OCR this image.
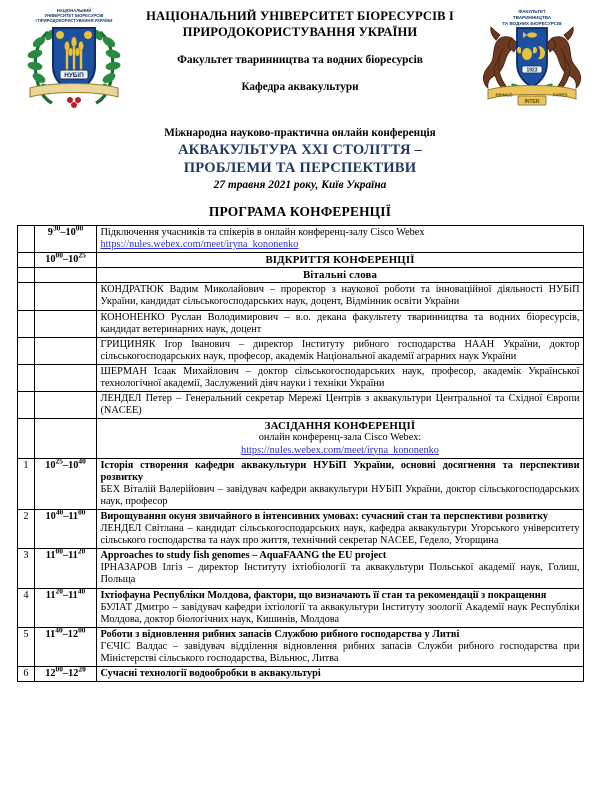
НАЦІОНАЛЬНИЙ
УНІВЕРСИТЕТ БІОРЕСУРСІВ
І ПРИРОДОКОРИСТУВАННЯ УКРАЇНИ
НУБіП
НАЦІОНАЛЬНИЙ УНІВЕРСИТЕТ БІОРЕСУРСІВ І ПРИРОДОКОРИСТУВАННЯ УКРАЇНИ
Факультет тваринництва та водних біоресурсів
Кафедра аквакультури
ФАКУЛЬТЕТ
ТВАРИННИЦТВА
ТА ВОДНИХ БІОРЕСУРСІВ
1923
PRIMUS	PARES
INTER
Міжнародна науково-практична онлайн конференція
АКВАКУЛЬТУРА XXI СТОЛІТТЯ –
ПРОБЛЕМИ ТА ПЕРСПЕКТИВИ
27 травня 2021 року, Київ Україна
ПРОГРАМА КОНФЕРЕНЦІЇ
	$9^{30}-10^{00}$	Підключення учасників та спікерів в онлайн конференц-залу Cisco Webex
https://nules.webex.com/meet/iryna_kononenko
	$10^{00}-10^{25}$	ВІДКРИТТЯ КОНФЕРЕНЦІЇ

		Вітальні слова

		КОНДРАТЮК Вадим Миколайович – проректор з наукової роботи та інноваційної діяльності НУБіП України, кандидат сільськогосподарських наук, доцент, Відмінник освіти України

		КОНОНЕНКО Руслан Володимирович – в.о. декана факультету тваринництва та водних біоресурсів, кандидат ветеринарних наук, доцент

		ГРИЦИНЯК Ігор Іванович – директор Інституту рибного господарства НААН України, доктор сільськогосподарських наук, професор, академік Національної академії аграрних наук України

		ШЕРМАН Ісаак Михайлович – доктор сільськогосподарських наук, професор, академік Української технологічної академії, Заслужений діяч науки і техніки України

		ЛЕНДЕЛ Петер – Генеральний секретар Мережі Центрів з аквакультури Центральної та Східної Європи (NACEE)

		ЗАСІДАННЯ КОНФЕРЕНЦІЇ
онлайн конференц-зала Cisco Webex:
https://nules.webex.com/meet/iryna_kononenko

1	$10^{25}-10^{40}$	Історія створення кафедри аквакультури НУБіП України, основні досягнення та перспективи розвитку
БЕХ Віталій Валерійович – завідувач кафедри аквакультури НУБіП України, доктор сільськогосподарських наук, професор

2	$10^{40}-11^{00}$	Вирощування окуня звичайного в інтенсивних умовах: сучасний стан та перспективи розвитку
ЛЕНДЕЛ Світлана – кандидат сільськогосподарських наук, кафедра аквакультури Угорського університету сільського господарства та наук про життя, технічний секретар NACEE, Гедело, Угорщина

3	$11^{00}-11^{20}$	Approaches to study fish genomes – AquaFAANG the EU project
ІРНАЗАРОВ Ілгіз – директор Інституту іхтіобіології та аквакультури Польської академії наук, Голиш, Польща

4	$11^{20}-11^{40}$	Іхтіофауна Республіки Молдова, фактори, що визначають її стан та рекомендації з покращення
БУЛАТ Дмитро – завідувач кафедри іхтіології та аквакультури Інституту зоології Академії наук Республіки Молдова, доктор біологічних наук, Кишинів, Молдова

5	$11^{40}-12^{00}$	Роботи з відновлення рибних запасів Службою рибного господарства у Литві
ГЄЧІС Валдас – завідувач відділення відновлення рибних запасів Служби рибного господарства при Міністерстві сільського господарства, Вільнюс, Литва

6	$12^{00}-12^{20}$	Сучасні технології водообробки в аквакультурі
